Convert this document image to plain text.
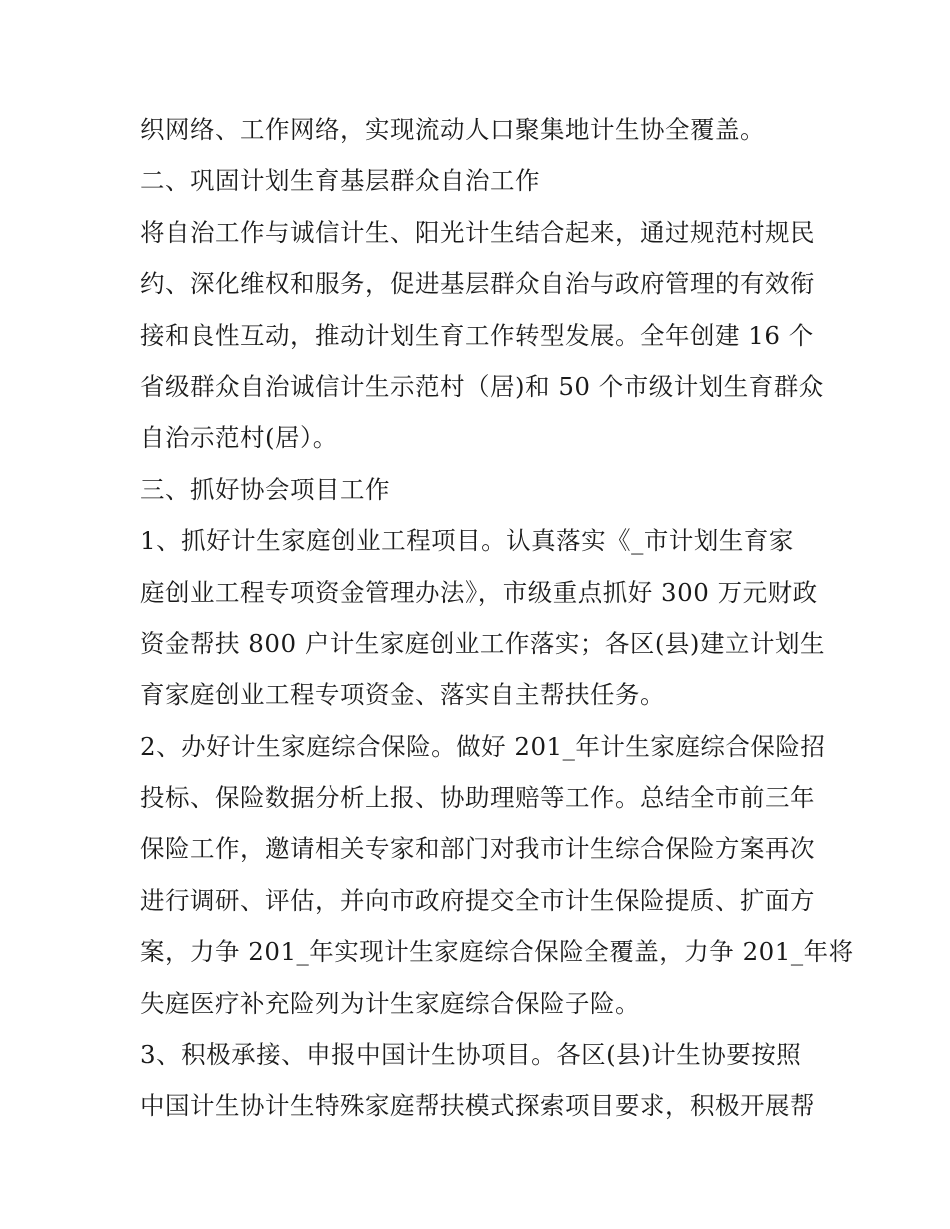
织网络、工作网络，实现流动人口聚集地计生协全覆盖。
二、巩固计划生育基层群众自治工作
将自治工作与诚信计生、阳光计生结合起来，通过规范村规民
约、深化维权和服务，促进基层群众自治与政府管理的有效衔
接和良性互动，推动计划生育工作转型发展。全年创建 16 个
省级群众自治诚信计生示范村（居)和 50 个市级计划生育群众
自治示范村(居）。
三、抓好协会项目工作
1、抓好计生家庭创业工程项目。认真落实《_市计划生育家
庭创业工程专项资金管理办法》，市级重点抓好 300 万元财政
资金帮扶 800 户计生家庭创业工作落实；各区(县)建立计划生
育家庭创业工程专项资金、落实自主帮扶任务。
2、办好计生家庭综合保险。做好 201_年计生家庭综合保险招
投标、保险数据分析上报、协助理赔等工作。总结全市前三年
保险工作，邀请相关专家和部门对我市计生综合保险方案再次
进行调研、评估，并向市政府提交全市计生保险提质、扩面方
案，力争 201_年实现计生家庭综合保险全覆盖，力争 201_年将
失庭医疗补充险列为计生家庭综合保险子险。
3、积极承接、申报中国计生协项目。各区(县)计生协要按照
中国计生协计生特殊家庭帮扶模式探索项目要求，积极开展帮
